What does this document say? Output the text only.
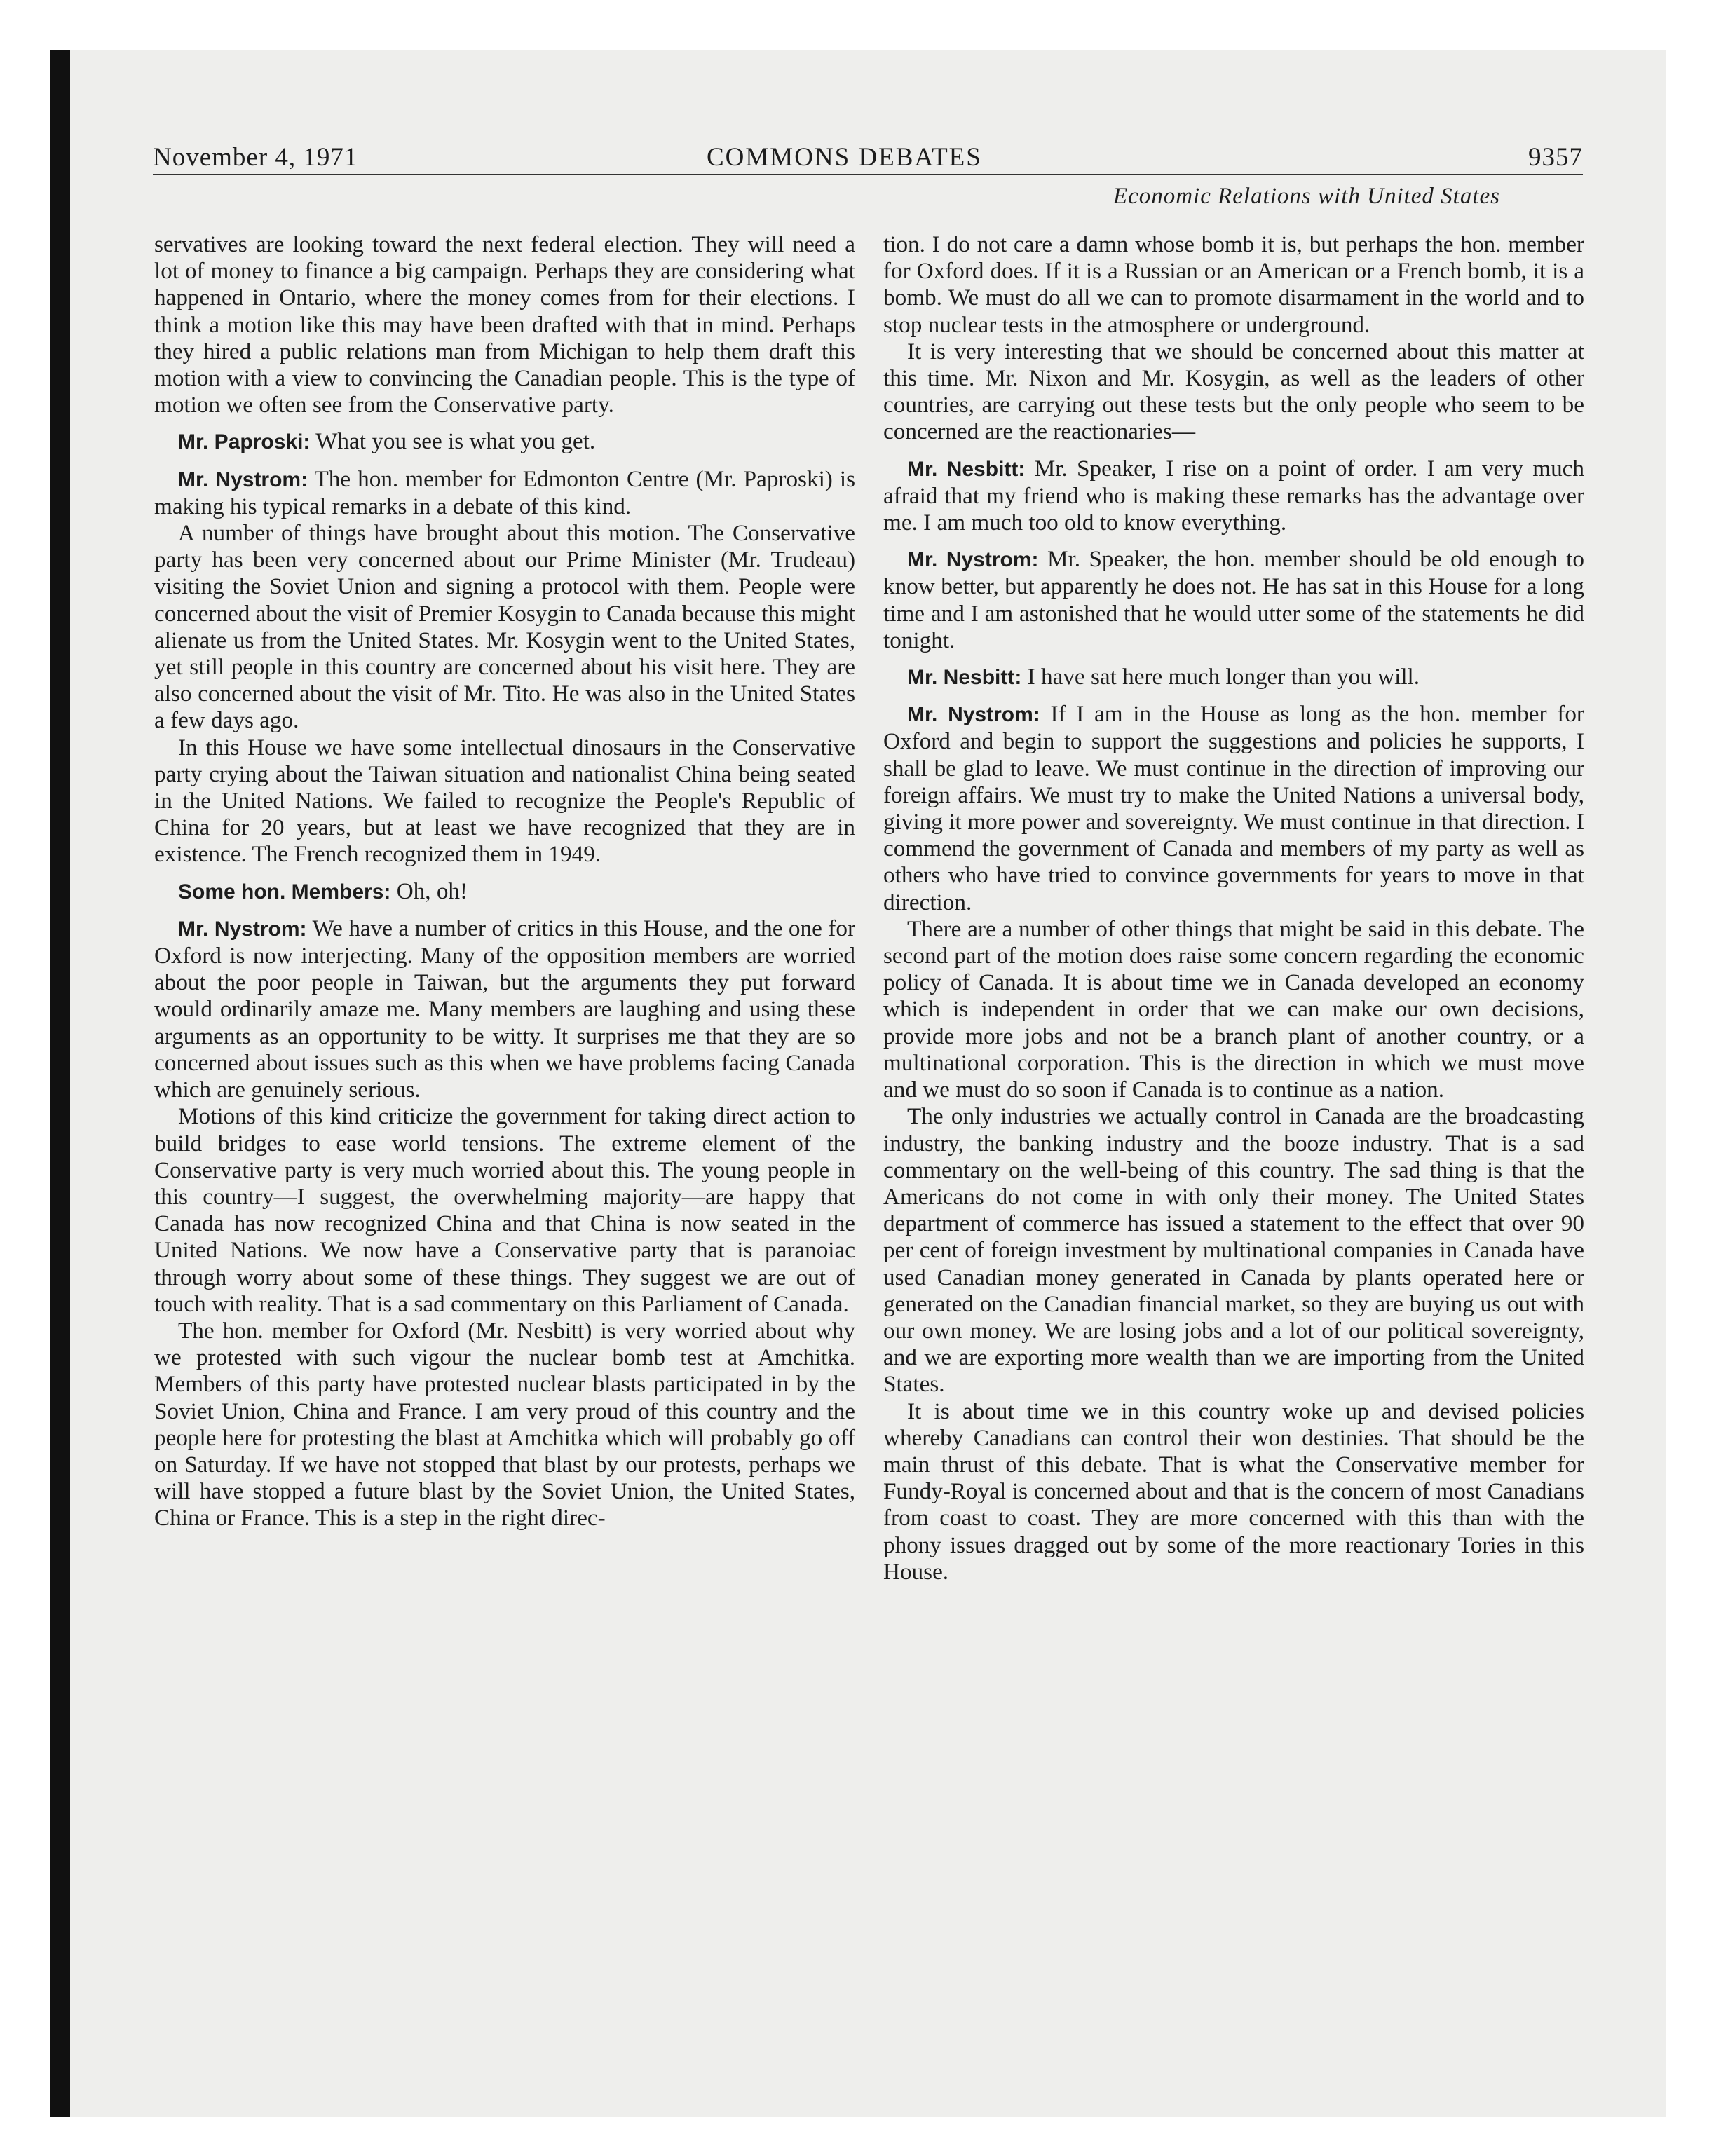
November 4, 1971	COMMONS DEBATES	9357
Economic Relations with United States

servatives are looking toward the next federal election. They will need a lot of money to finance a big campaign. Perhaps they are considering what happened in Ontario, where the money comes from for their elections. I think a motion like this may have been drafted with that in mind. Perhaps they hired a public relations man from Michigan to help them draft this motion with a view to convincing the Canadian people. This is the type of motion we often see from the Conservative party.

Mr. Paproski: What you see is what you get.

Mr. Nystrom: The hon. member for Edmonton Centre (Mr. Paproski) is making his typical remarks in a debate of this kind.

A number of things have brought about this motion. The Conservative party has been very concerned about our Prime Minister (Mr. Trudeau) visiting the Soviet Union and signing a protocol with them. People were concerned about the visit of Premier Kosygin to Canada because this might alienate us from the United States. Mr. Kosygin went to the United States, yet still people in this country are concerned about his visit here. They are also concerned about the visit of Mr. Tito. He was also in the United States a few days ago.

In this House we have some intellectual dinosaurs in the Conservative party crying about the Taiwan situation and nationalist China being seated in the United Nations. We failed to recognize the People's Republic of China for 20 years, but at least we have recognized that they are in existence. The French recognized them in 1949.

Some hon. Members: Oh, oh!

Mr. Nystrom: We have a number of critics in this House, and the one for Oxford is now interjecting. Many of the opposition members are worried about the poor people in Taiwan, but the arguments they put forward would ordinarily amaze me. Many members are laughing and using these arguments as an opportunity to be witty. It surprises me that they are so concerned about issues such as this when we have problems facing Canada which are genuinely serious.

Motions of this kind criticize the government for taking direct action to build bridges to ease world tensions. The extreme element of the Conservative party is very much worried about this. The young people in this country—I suggest, the overwhelming majority—are happy that Canada has now recognized China and that China is now seated in the United Nations. We now have a Conservative party that is paranoiac through worry about some of these things. They suggest we are out of touch with reality. That is a sad commentary on this Parliament of Canada.

The hon. member for Oxford (Mr. Nesbitt) is very worried about why we protested with such vigour the nuclear bomb test at Amchitka. Members of this party have protested nuclear blasts participated in by the Soviet Union, China and France. I am very proud of this country and the people here for protesting the blast at Amchitka which will probably go off on Saturday. If we have not stopped that blast by our protests, perhaps we will have stopped a future blast by the Soviet Union, the United States, China or France. This is a step in the right direc-

tion. I do not care a damn whose bomb it is, but perhaps the hon. member for Oxford does. If it is a Russian or an American or a French bomb, it is a bomb. We must do all we can to promote disarmament in the world and to stop nuclear tests in the atmosphere or underground.

It is very interesting that we should be concerned about this matter at this time. Mr. Nixon and Mr. Kosygin, as well as the leaders of other countries, are carrying out these tests but the only people who seem to be concerned are the reactionaries—

Mr. Nesbitt: Mr. Speaker, I rise on a point of order. I am very much afraid that my friend who is making these remarks has the advantage over me. I am much too old to know everything.

Mr. Nystrom: Mr. Speaker, the hon. member should be old enough to know better, but apparently he does not. He has sat in this House for a long time and I am astonished that he would utter some of the statements he did tonight.

Mr. Nesbitt: I have sat here much longer than you will.

Mr. Nystrom: If I am in the House as long as the hon. member for Oxford and begin to support the suggestions and policies he supports, I shall be glad to leave. We must continue in the direction of improving our foreign affairs. We must try to make the United Nations a universal body, giving it more power and sovereignty. We must continue in that direction. I commend the government of Canada and members of my party as well as others who have tried to convince governments for years to move in that direction.

There are a number of other things that might be said in this debate. The second part of the motion does raise some concern regarding the economic policy of Canada. It is about time we in Canada developed an economy which is independent in order that we can make our own decisions, provide more jobs and not be a branch plant of another country, or a multinational corporation. This is the direction in which we must move and we must do so soon if Canada is to continue as a nation.

The only industries we actually control in Canada are the broadcasting industry, the banking industry and the booze industry. That is a sad commentary on the well-being of this country. The sad thing is that the Americans do not come in with only their money. The United States department of commerce has issued a statement to the effect that over 90 per cent of foreign investment by multinational companies in Canada have used Canadian money generated in Canada by plants operated here or generated on the Canadian financial market, so they are buying us out with our own money. We are losing jobs and a lot of our political sovereignty, and we are exporting more wealth than we are importing from the United States.

It is about time we in this country woke up and devised policies whereby Canadians can control their won destinies. That should be the main thrust of this debate. That is what the Conservative member for Fundy-Royal is concerned about and that is the concern of most Canadians from coast to coast. They are more concerned with this than with the phony issues dragged out by some of the more reactionary Tories in this House.
